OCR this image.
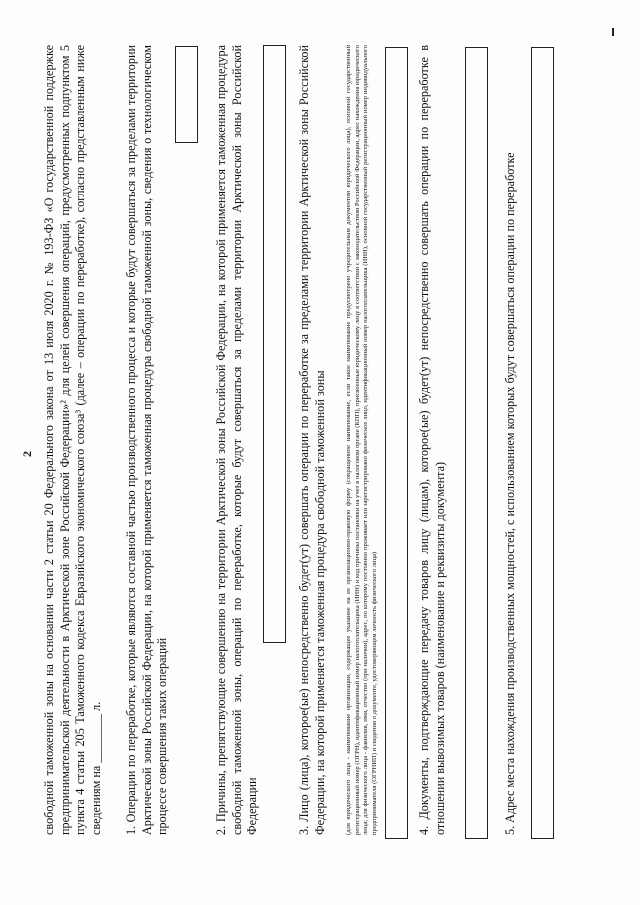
2 свободной таможенной зоны на основании части 2 статьи 20 Федерального закона от 13 июля 2020 г. № 193-ФЗ «О государственной поддержке предпринимательской деятельности в Арктической зоне Российской Федерации»² для целей совершения операций, предусмотренных подпунктом 5 пункта 4 статьи 205 Таможенного кодекса Евразийского экономического союза³ (далее – операции по переработке), согласно представленным ниже сведениям на ________ л. 1. Операции по переработке, которые являются составной частью производственного процесса и которые будут совершаться за пределами территории Арктической зоны Российской Федерации, на которой применяется таможенная процедура свободной таможенной зоны, сведения о технологическом процессе совершения таких операций	2. Причины, препятствующие совершению на территории Арктической зоны Российской Федерации, на которой применяется таможенная процедура свободной таможенной зоны, операций по переработке, которые будут совершаться за пределами территории Арктической зоны Российской Федерации	3. Лицо (лица), которое(ые) непосредственно будет(ут) совершать операции по переработке за пределами территории Арктической зоны Российской Федерации, на которой применяется таможенная процедура свободной таможенной зоны	(для юридического лица - наименование организации, содержащее указание на ее организационно-правовую форму (сокращенное наименование, если такое наименование предусмотрено учредительным документом юридического лица), основной государственный регистрационный номер (ОГРН), идентификационный номер налогоплательщика (ИНН) и код причины постановки на учет в налоговом органе (КПП), присвоенные юридическому лицу в соответствии с законодательством Российской Федерации, адрес нахождения юридического лица; для физического лица - фамилия, имя, отчество (при наличии), адрес, по которому постоянно проживает или зарегистрировано физическое лицо, идентификационный номер налогоплательщика (ИНН), основной государственный регистрационный номер индивидуального предпринимателя (ОГРНИП) и сведения о документе, удостоверяющем личность физического лица)	4. Документы, подтверждающие передачу товаров лицу (лицам), которое(ые) будет(ут) непосредственно совершать операции по переработке в отношении вывозимых товаров (наименование и реквизиты документа)	5. Адрес места нахождения производственных мощностей, с использованием которых будут совершаться операции по переработке
